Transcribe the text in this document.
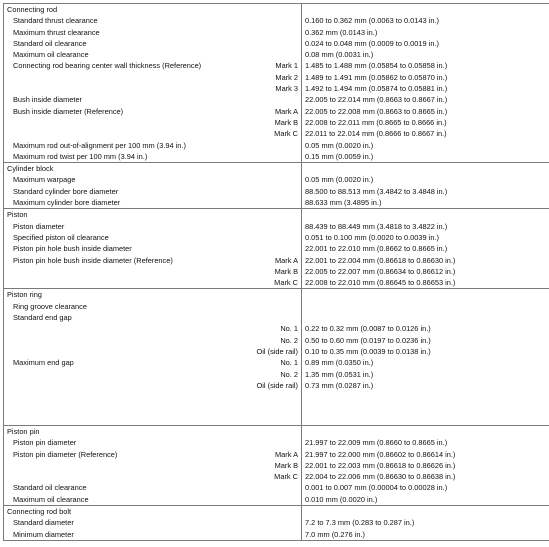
Connecting rod		
Standard thrust clearance		0.160 to 0.362 mm (0.0063 to 0.0143 in.)
Maximum thrust clearance		0.362 mm (0.0143 in.)
Standard oil clearance		0.024 to 0.048 mm (0.0009 to 0.0019 in.)
Maximum oil clearance		0.08 mm (0.0031 in.)
Connecting rod bearing center wall thickness (Reference)	Mark 1	1.485 to 1.488 mm (0.05854 to 0.05858 in.)
	Mark 2	1.489 to 1.491 mm (0.05862 to 0.05870 in.)
	Mark 3	1.492 to 1.494 mm (0.05874 to 0.05881 in.)
Bush inside diameter		22.005 to 22.014 mm (0.8663 to 0.8667 in.)
Bush inside diameter (Reference)	Mark A	22.005 to 22.008 mm (0.8663 to 0.8665 in.)
	Mark B	22.008 to 22.011 mm (0.8665 to 0.8666 in.)
	Mark C	22.011 to 22.014 mm (0.8666 to 0.8667 in.)
Maximum rod out-of-alignment per 100 mm (3.94 in.)		0.05 mm (0.0020 in.)
Maximum rod twist per 100 mm (3.94 in.)		0.15 mm (0.0059 in.)
Cylinder block		
Maximum warpage		0.05 mm (0.0020 in.)
Standard cylinder bore diameter		88.500 to 88.513 mm (3.4842 to 3.4848 in.)
Maximum cylinder bore diameter		88.633 mm (3.4895 in.)
Piston		
Piston diameter		88.439 to 88.449 mm (3.4818 to 3.4822 in.)
Specified piston oil clearance		0.051 to 0.100 mm (0.0020 to 0.0039 in.)
Piston pin hole bush inside diameter		22.001 to 22.010 mm (0.8662 to 0.8665 in.)
Piston pin hole bush inside diameter (Reference)	Mark A	22.001 to 22.004 mm (0.86618 to 0.86630 in.)
	Mark B	22.005 to 22.007 mm (0.86634 to 0.86612 in.)
	Mark C	22.008 to 22.010 mm (0.86645 to 0.86653 in.)
Piston ring		
Ring groove clearance		
Standard end gap		
	No. 1	0.22 to 0.32 mm (0.0087 to 0.0126 in.)
	No. 2	0.50 to 0.60 mm (0.0197 to 0.0236 in.)
	Oil (side rail)	0.10 to 0.35 mm (0.0039 to 0.0138 in.)
Maximum end gap	No. 1	0.89 mm (0.0350 in.)
	No. 2	1.35 mm (0.0531 in.)
	Oil (side rail)	0.73 mm (0.0287 in.)

Piston pin		
Piston pin diameter		21.997 to 22.009 mm (0.8660 to 0.8665 in.)
Piston pin diameter (Reference)	Mark A	21.997 to 22.000 mm (0.86602 to 0.86614 in.)
	Mark B	22.001 to 22.003 mm (0.86618 to 0.86626 in.)
	Mark C	22.004 to 22.006 mm (0.86630 to 0.86638 in.)
Standard oil clearance		0.001 to 0.007 mm (0.00004 to 0.00028 in.)
Maximum oil clearance		0.010 mm (0.0020 in.)
Connecting rod bolt		
Standard diameter		7.2 to 7.3 mm (0.283 to 0.287 in.)
Minimum diameter		7.0 mm (0.276 in.)
